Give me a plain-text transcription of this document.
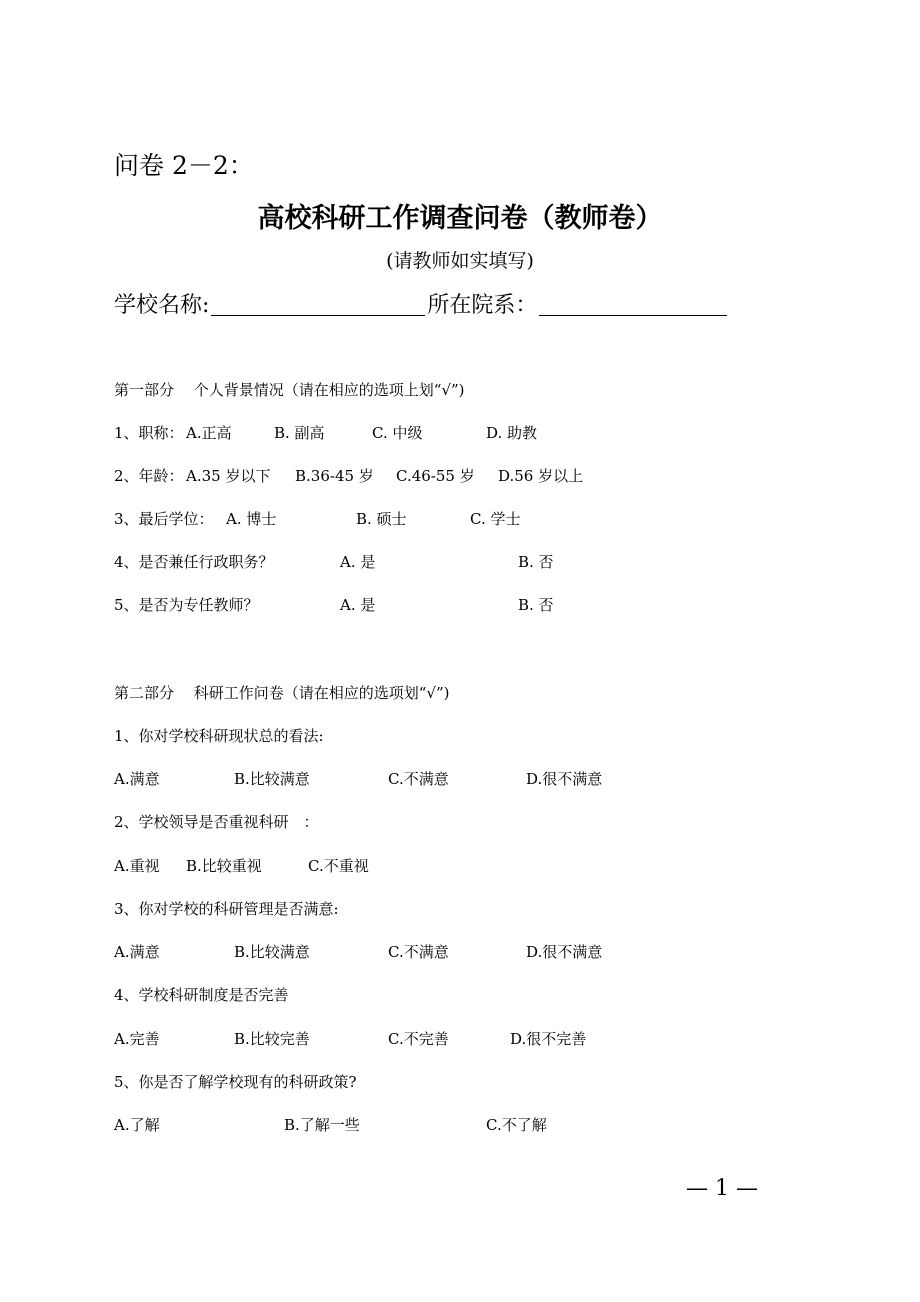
问卷 2－2：
高校科研工作调查问卷（教师卷）
(请教师如实填写)
学校名称:	所在院系：
第一部分　 个人背景情况（请在相应的选项上划“√”)
1、职称： A.正高	B. 副高	C. 中级	D. 助教
2、年龄： A.35 岁以下 B.36-45 岁 C.46-55 岁 D.56 岁以上
3、最后学位： A. 博士	B. 硕士	C. 学士
4、是否兼任行政职务？	A. 是	B. 否
5、是否为专任教师？	A. 是	B. 否
第二部分　 科研工作问卷（请在相应的选项划“√”)
1、你对学校科研现状总的看法:
A.满意	B.比较满意	C.不满意	D.很不满意
2、学校领导是否重视科研　：
A.重视 B.比较重视	C.不重视
3、你对学校的科研管理是否满意:
A.满意	B.比较满意	C.不满意	D.很不满意
4、学校科研制度是否完善
A.完善	B.比较完善	C.不完善	D.很不完善
5、你是否了解学校现有的科研政策?
A.了解	B.了解一些	C.不了解
— 1 —
